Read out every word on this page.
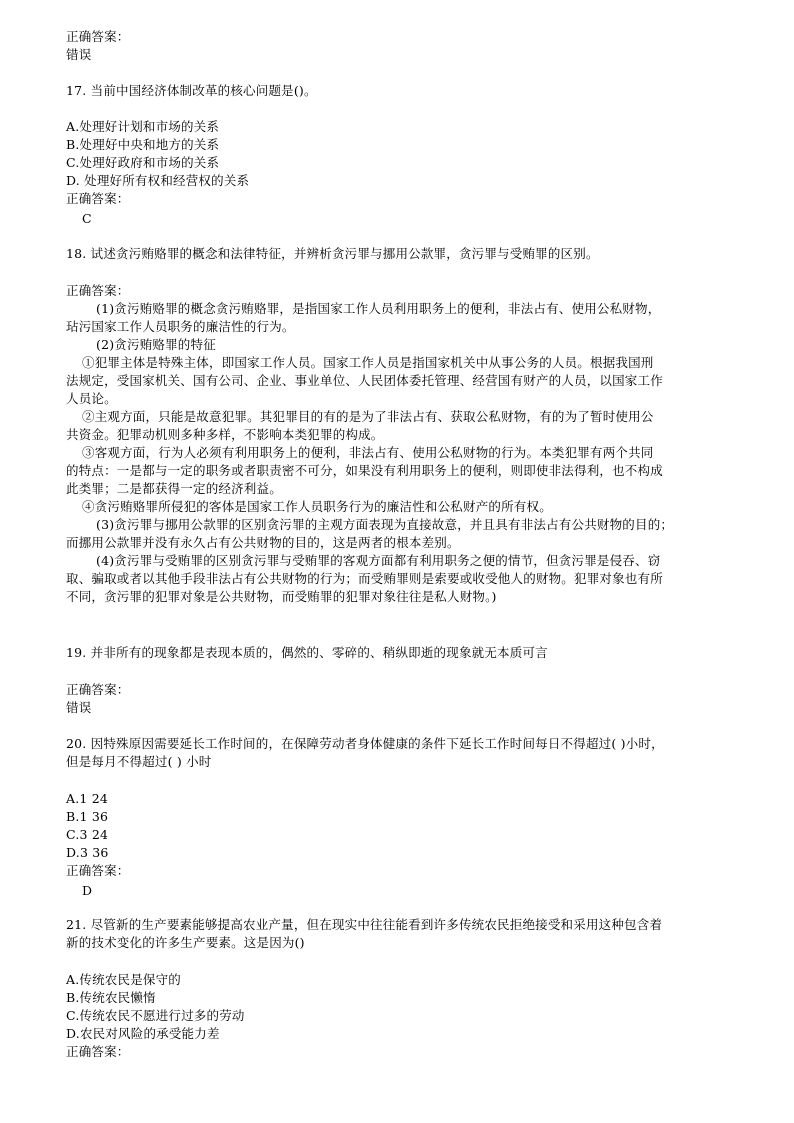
正确答案：
错误
17. 当前中国经济体制改革的核心问题是()。
A.处理好计划和市场的关系
B.处理好中央和地方的关系
C.处理好政府和市场的关系
D. 处理好所有权和经营权的关系
正确答案：
C
18. 试述贪污贿赂罪的概念和法律特征，并辨析贪污罪与挪用公款罪，贪污罪与受贿罪的区别。
正确答案：
(1)贪污贿赂罪的概念贪污贿赂罪，是指国家工作人员利用职务上的便利，非法占有、使用公私财物，
玷污国家工作人员职务的廉洁性的行为。
(2)贪污贿赂罪的特征
①犯罪主体是特殊主体，即国家工作人员。国家工作人员是指国家机关中从事公务的人员。根据我国刑
法规定，受国家机关、国有公司、企业、事业单位、人民团体委托管理、经营国有财产的人员，以国家工作
人员论。
②主观方面，只能是故意犯罪。其犯罪目的有的是为了非法占有、获取公私财物，有的为了暂时使用公
共资金。犯罪动机则多种多样，不影响本类犯罪的构成。
③客观方面，行为人必须有利用职务上的便利，非法占有、使用公私财物的行为。本类犯罪有两个共同
的特点：一是都与一定的职务或者职责密不可分，如果没有利用职务上的便利，则即使非法得利，也不构成
此类罪；二是都获得一定的经济利益。
④贪污贿赂罪所侵犯的客体是国家工作人员职务行为的廉洁性和公私财产的所有权。
(3)贪污罪与挪用公款罪的区别贪污罪的主观方面表现为直接故意，并且具有非法占有公共财物的目的；
而挪用公款罪并没有永久占有公共财物的目的，这是两者的根本差别。
(4)贪污罪与受贿罪的区别贪污罪与受贿罪的客观方面都有利用职务之便的情节，但贪污罪是侵吞、窃
取、骗取或者以其他手段非法占有公共财物的行为；而受贿罪则是索要或收受他人的财物。犯罪对象也有所
不同，贪污罪的犯罪对象是公共财物，而受贿罪的犯罪对象往往是私人财物。)
19. 并非所有的现象都是表现本质的，偶然的、零碎的、稍纵即逝的现象就无本质可言
正确答案：
错误
20. 因特殊原因需要延长工作时间的，在保障劳动者身体健康的条件下延长工作时间每日不得超过( )小时，
但是每月不得超过( ) 小时
A.1 24
B.1 36
C.3 24
D.3 36
正确答案：
D
21. 尽管新的生产要素能够提高农业产量，但在现实中往往能看到许多传统农民拒绝接受和采用这种包含着
新的技术变化的许多生产要素。这是因为()
A.传统农民是保守的
B.传统农民懒惰
C.传统农民不愿进行过多的劳动
D.农民对风险的承受能力差
正确答案：
